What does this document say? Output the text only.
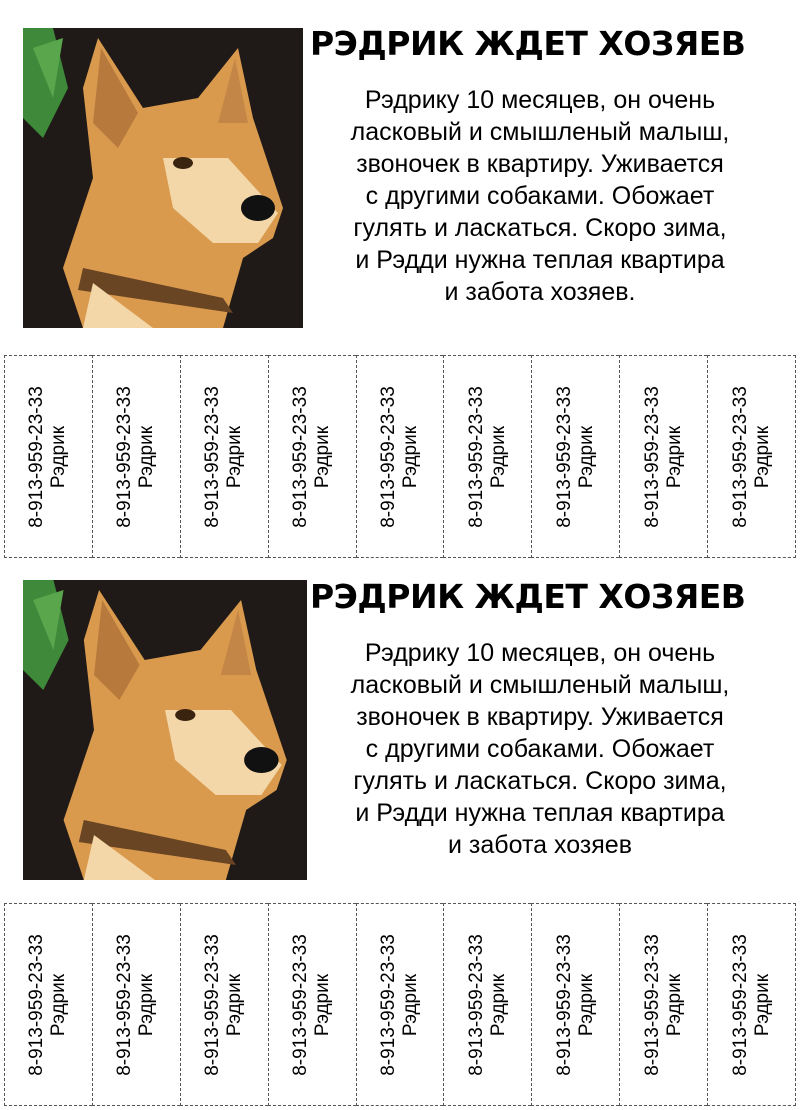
РЭДРИК ЖДЕТ ХОЗЯЕВ

Рэдрику 10 месяцев, он очень
ласковый и смышленый малыш,
звоночек в квартиру. Уживается
с другими собаками. Обожает
гулять и ласкаться. Скоро зима,
и Рэдди нужна теплая квартира
и забота хозяев.

8-913-959-23-33 Рэдрик 8-913-959-23-33 Рэдрик 8-913-959-23-33 Рэдрик 8-913-959-23-33 Рэдрик 8-913-959-23-33 Рэдрик 8-913-959-23-33 Рэдрик 8-913-959-23-33 Рэдрик 8-913-959-23-33 Рэдрик 8-913-959-23-33 Рэдрик
РЭДРИК ЖДЕТ ХОЗЯЕВ

Рэдрику 10 месяцев, он очень
ласковый и смышленый малыш,
звоночек в квартиру. Уживается
с другими собаками. Обожает
гулять и ласкаться. Скоро зима,
и Рэдди нужна теплая квартира
и забота хозяев

8-913-959-23-33 Рэдрик 8-913-959-23-33 Рэдрик 8-913-959-23-33 Рэдрик 8-913-959-23-33 Рэдрик 8-913-959-23-33 Рэдрик 8-913-959-23-33 Рэдрик 8-913-959-23-33 Рэдрик 8-913-959-23-33 Рэдрик 8-913-959-23-33 Рэдрик
